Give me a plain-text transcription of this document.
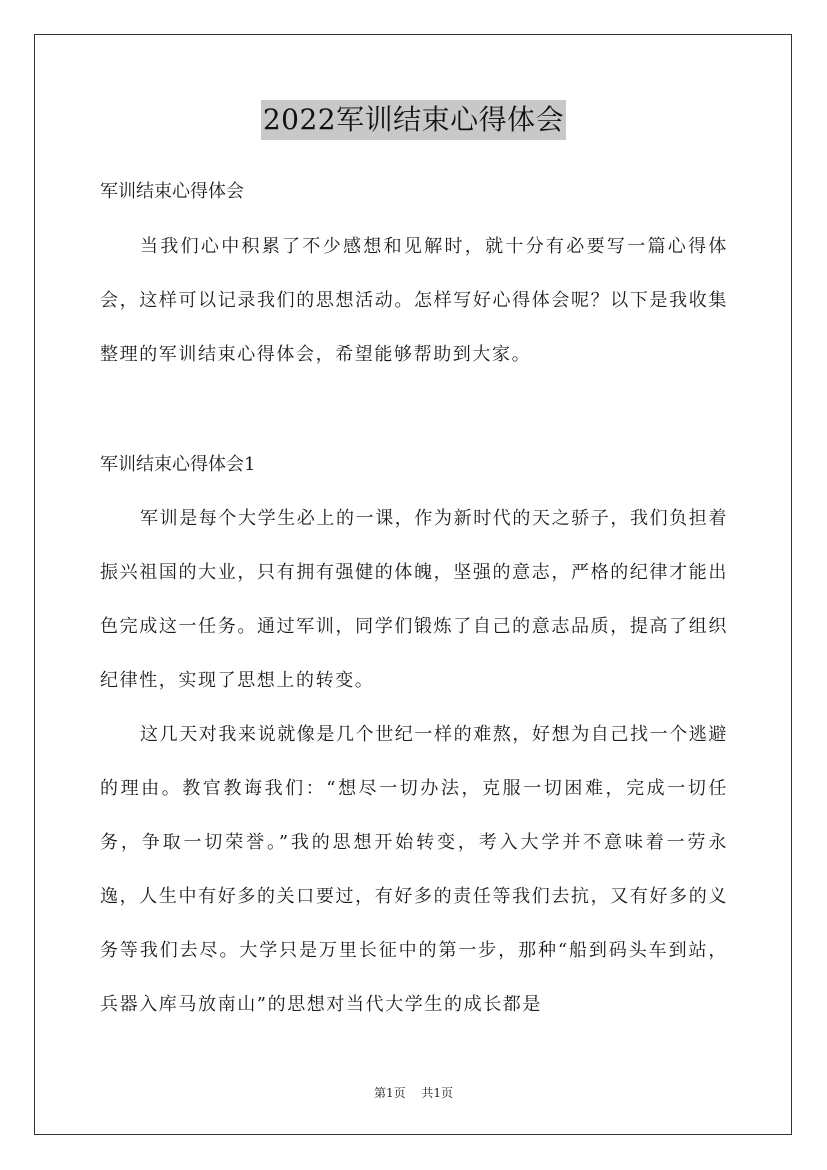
2022军训结束心得体会
军训结束心得体会
当我们心中积累了不少感想和见解时，就十分有必要写一篇心得体会，这样可以记录我们的思想活动。怎样写好心得体会呢？以下是我收集整理的军训结束心得体会，希望能够帮助到大家。
军训结束心得体会1
军训是每个大学生必上的一课，作为新时代的天之骄子，我们负担着振兴祖国的大业，只有拥有强健的体魄，坚强的意志，严格的纪律才能出色完成这一任务。通过军训，同学们锻炼了自己的意志品质，提高了组织纪律性，实现了思想上的转变。
这几天对我来说就像是几个世纪一样的难熬，好想为自己找一个逃避的理由。教官教诲我们：“想尽一切办法，克服一切困难，完成一切任务，争取一切荣誉。”我的思想开始转变，考入大学并不意味着一劳永逸，人生中有好多的关口要过，有好多的责任等我们去抗，又有好多的义务等我们去尽。大学只是万里长征中的第一步，那种“船到码头车到站，兵器入库马放南山”的思想对当代大学生的成长都是
第1页 共1页
